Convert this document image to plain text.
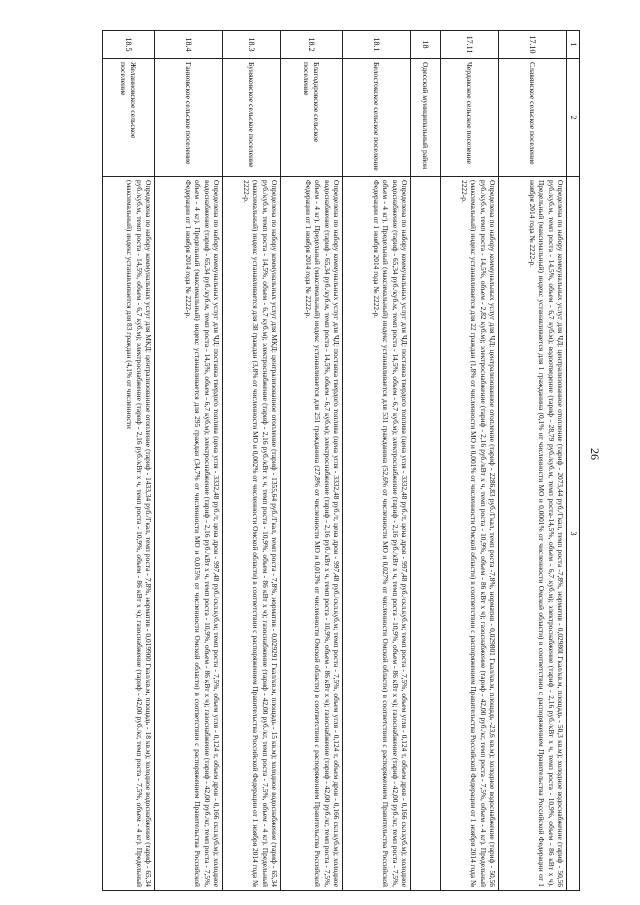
26
1	2	3
17.10	Славянское сельское поселение	Определена по набору коммунальных услуг для ЧД: централизованное отопление (тариф - 2073,44 руб./Гкал, темп роста -7,8%, норматив - 0,02980l Гкал/кв.м, площадь - 50,3 кв.м); холодное водоснабжение (тариф - 50,56 руб./куб.м, темп роста - 14,5%, объем - 6,7 куб.м); водоотведение (тариф - 28,79 руб./куб.м, темп роста-14,5%, объем - 6,7 куб.м); электроснабжение (тариф - 2,16 руб./кВт x ч, темп роста - 10,9%, объем - 86 кВт x ч). Предельный (максимальный) индекс устанавливается для 1 гражданина (0,1% от численности МО и 0,0001% от численности Омской области) в соответствии с распоряжением Правительства Российской Федерации от 1 ноября 2014 года № 2222-р.
17.11	Чердакское сельское поселение	Определена по набору коммунальных услуг для ЧД: централизованное отопление (тариф - 2286,83 руб./Гкал, темп роста -7,8%, норматив - 0,029801 Гкал/кв.м, площадь -23,6 кв.м); холодное водоснабжение (тариф - 50,56 руб./куб.м, темп роста - 14,5%, объем - 2,82 куб.м); электроснабжение (тариф - 2,16 руб./кВт x ч, темп роста - 10,9%, объем - 86 кВт x ч); газоснабжение (тариф - 42,00 руб./кг, темп роста - 7,5%, объем - 4 кг). Предельный (максимальный) индекс устанавливается для 22 граждан (1,8% от численности МО и 0,001% от численности Омской области) в соответствии с распоряжением Правительства Российской Федерации от 1 ноября 2014 года № 2222-р.
18	Одесский муниципальный район	
18.1	Белостокское сельское поселение	Определена по набору коммунальных услуг для ЧД: поставка твердого топлива (цена угля - 3332,48 руб./т, цена дров - 997,48 руб./скл.куб.м; темп роста - 7,5%, объем угля - 0,124 т, объем дров - 0,166 скл.куб.м); холодное водоснабжение (тариф - 65,34 руб./куб.м, темп роста - 14,5%, объем - 6,7 куб.м); электроснабжение (тариф - 2,16 руб./кВт x ч, темп роста - 10,9%, объем - 86 кВт x ч); газоснабжение (тариф - 42,00 руб./кг, темп роста - 7,5%, объем - 4 кг). Предельный (максимальный) индекс устанавливается для 531 гражданина (52,6% от численности МО и 0,027% от численности Омской области) в соответствии с распоряжением Правительства Российской Федерации от 1 ноября 2014 года № 2222-р.
18.2	Благодаровское сельское поселение	Определена по набору коммунальных услуг для ЧД: поставка твердого топлива (цена угля - 3332,48 руб./т, цена дров - 997,48 руб./скл.куб.м; темп роста - 7,5%, объем угля - 0,124 т, объем дров - 0,166 скл.куб.м); холодное водоснабжение (тариф - 65,34 руб./куб.м, темп роста - 14,5%, объем - 6,7 куб.м); электроснабжение (тариф - 2,16 руб./кВт x ч, темп роста - 10,9%, объем - 86 кВт x ч); газоснабжение (тариф - 42,00 руб./кг, темп роста - 7,5%, объем - 4 кг). Предельный (максимальный) индекс устанавливается для 251 гражданина (27,8% от численности МО и 0,013% от численности Омской области) в соответствии с распоряжением Правительства Российской Федерации от 1 ноября 2014 года № 2222-р.
18.3	Буняковское сельское поселение	Определена по набору коммунальных услуг для МКД: централизованное отопление (тариф - 1355,64 руб./Гкал, темп роста - 7,8%, норматив - 0,029291 Гкал/кв.м, площадь - 15 кв.м); холодное водоснабжение (тариф - 65,34 руб./куб.м, темп роста - 14,5%, объем - 6,7 куб.м); электроснабжение (тариф - 2,16 руб./кВт x ч, темп роста - 10,9%, объем - 86 кВт x ч); газоснабжение (тариф - 42,00 руб./кг, темп роста - 7,5%, объем - 4 кг). Предельный (максимальный) индекс устанавливается для 38 граждан (3,8% от численности МО и 0,002% от численности Омской области) в соответствии с распоряжением Правительства Российской Федерации от 1 ноября 2014 года № 2222-р.
18.4	Ганновское сельское поселение	Определена по набору коммунальных услуг для ЧД: поставка твердого топлива (цена угля - 3332,48 руб./т, цена дров - 997,48 руб./скл.куб.м; темп роста - 7,5%, объем угля - 0,124 т, объем дров - 0,166 скл.куб.м); холодное водоснабжение (тариф - 65,34 руб./куб.м, темп роста - 14,5%, объем - 6,7 куб.м); электроснабжение (тариф - 2,16 руб./кВт x ч, темп роста - 10,9%, объем - 86 кВт x ч); газоснабжение (тариф - 42,00 руб./кг, темп роста - 7,5%, объем - 4 кг). Предельный (максимальный) индекс устанавливается для 295 граждан (34,7% от численности МО и 0,015% от численности Омской области) в соответствии с распоряжением Правительства Российской Федерации от 1 ноября 2014 года № 2222-р.
18.5	Желанновское сельское поселение	Определена по набору коммунальных услуг для МКД: централизованное отопление (тариф - 1433,34 руб./Гкал, темп роста - 7,8%, норматив - 0,019900 Гкал/кв.м, площадь - 18 кв.м); холодное водоснабжение (тариф - 65,34 руб./куб.м, темп роста - 14,5%, объем - 6,7 куб.м); электроснабжение (тариф - 2,16 руб./кВт x ч, темп роста - 10,9%, объем - 86 кВт x ч); газоснабжение (тариф - 42,00 руб./кг, темп роста - 7,5%, объем - 4 кг). Предельный (максимальный) индекс устанавливается для 83 граждан (4,1% от численности
